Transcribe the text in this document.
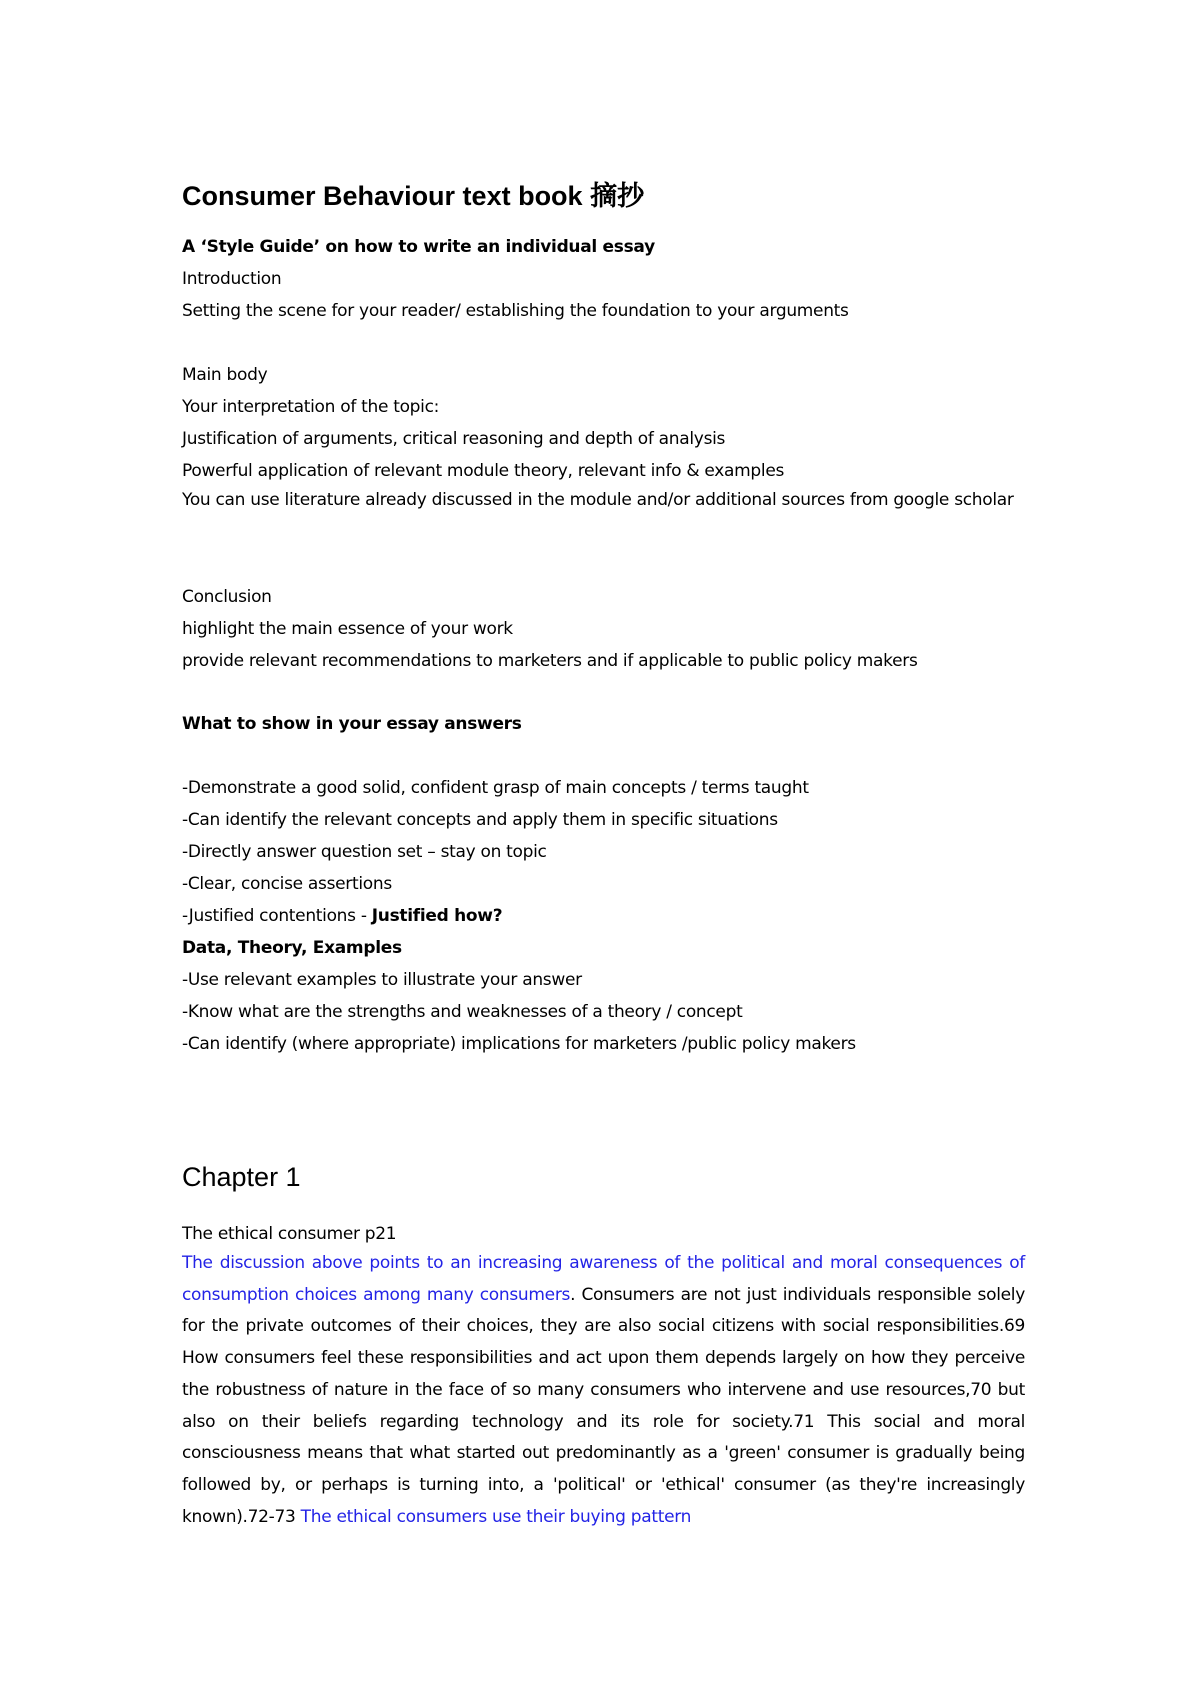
Consumer Behaviour text book 摘抄
A ‘Style Guide’ on how to write an individual essay
Introduction
Setting the scene for your reader/ establishing the foundation to your arguments
Main body
Your interpretation of the topic:
Justification of arguments, critical reasoning and depth of analysis
Powerful application of relevant module theory, relevant info & examples

You can use literature already discussed in the module and/or additional sources from google scholar

Conclusion
highlight the main essence of your work
provide relevant recommendations to marketers and if applicable to public policy makers
What to show in your essay answers
-Demonstrate a good solid, confident grasp of main concepts / terms taught
-Can identify the relevant concepts and apply them in specific situations
-Directly answer question set – stay on topic
-Clear, concise assertions
-Justified contentions - Justified how?
Data, Theory, Examples
-Use relevant examples to illustrate your answer
-Know what are the strengths and weaknesses of a theory / concept
-Can identify (where appropriate) implications for marketers /public policy makers
Chapter 1
The ethical consumer p21

The discussion above points to an increasing awareness of the political and moral consequences of consumption choices among many consumers. Consumers are not just individuals responsible solely for the private outcomes of their choices, they are also social citizens with social responsibilities.69 How consumers feel these responsibilities and act upon them depends largely on how they perceive the robustness of nature in the face of so many consumers who intervene and use resources,70 but also on their beliefs regarding technology and its role for society.71 This social and moral consciousness means that what started out predominantly as a 'green' consumer is gradually being followed by, or perhaps is turning into, a 'political' or 'ethical' consumer (as they're increasingly known).72-73 The ethical consumers use their buying pattern
